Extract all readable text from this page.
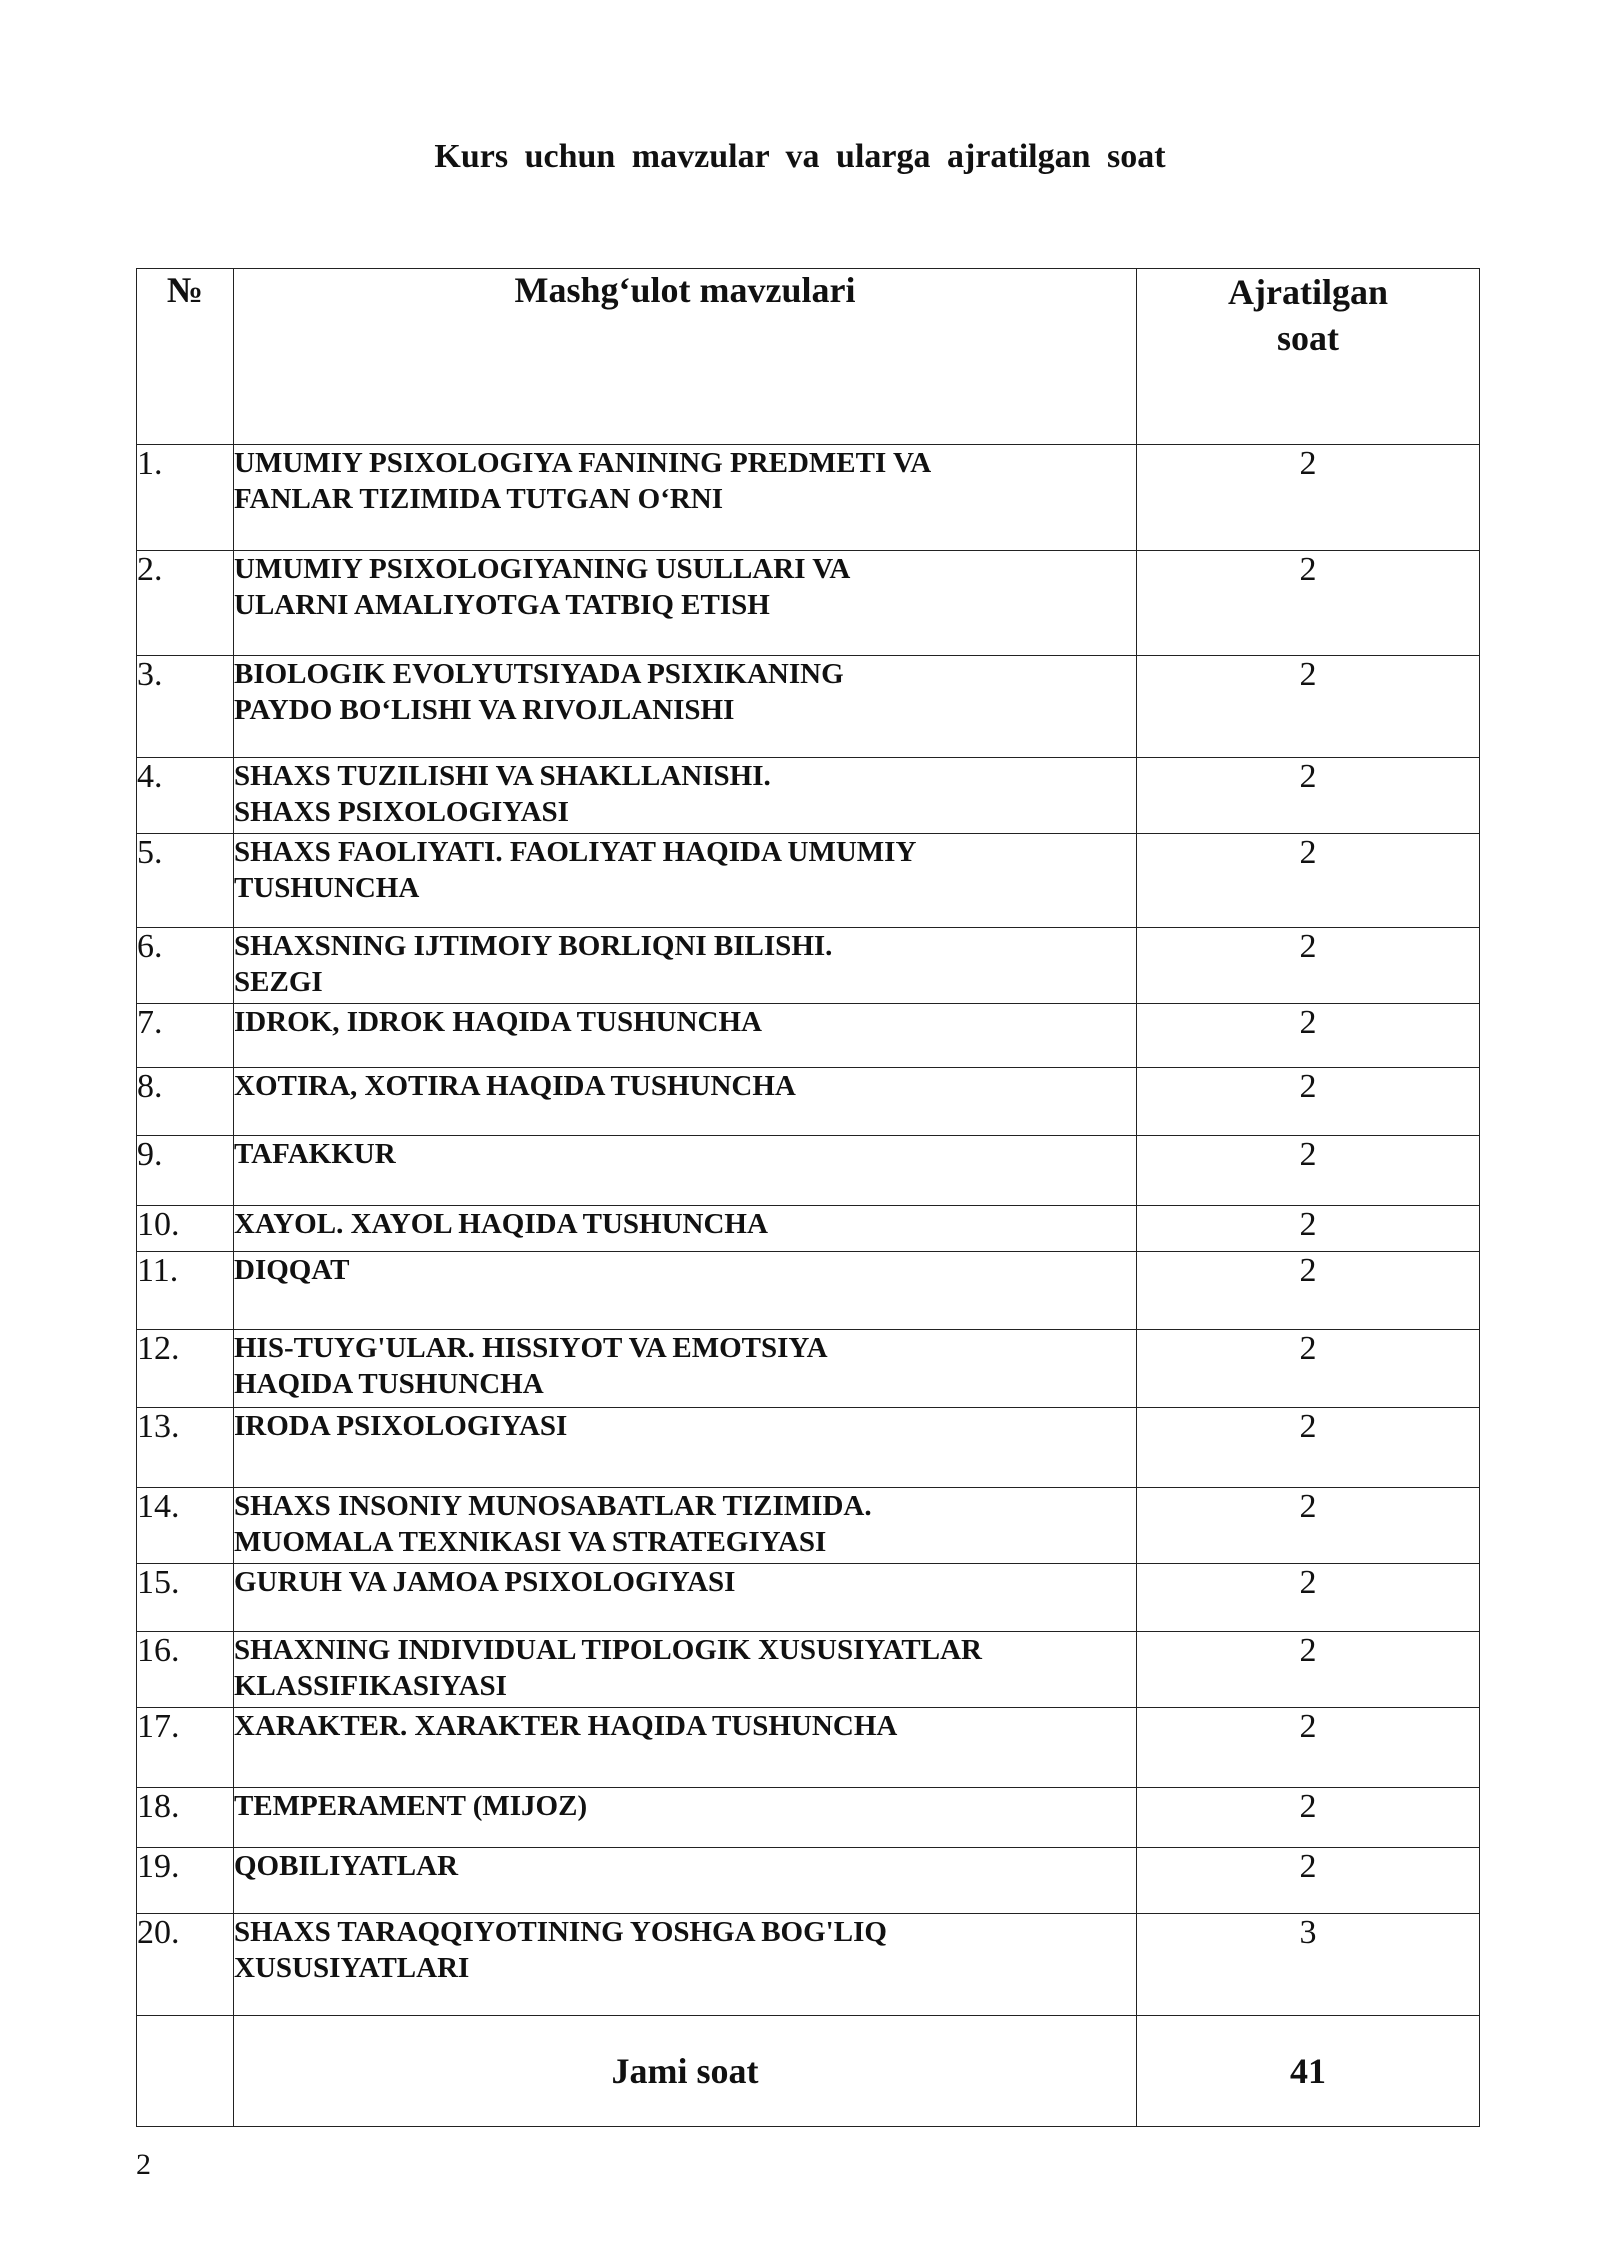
Kurs uchun mavzular va ularga ajratilgan soat
№	Mashg‘ulot mavzulari	Ajratilgan
soat

1.	UMUMIY PSIXOLOGIYA FANINING PREDMETI VA
FANLAR TIZIMIDA TUTGAN O‘RNI	2
2.	UMUMIY PSIXOLOGIYANING USULLARI VA
ULARNI AMALIYOTGA TATBIQ ETISH	2
3.	BIOLOGIK EVOLYUTSIYADA PSIXIKANING
PAYDO BO‘LISHI VA RIVOJLANISHI	2
4.	SHAXS TUZILISHI VA SHAKLLANISHI.
SHAXS PSIXOLOGIYASI	2
5.	SHAXS FAOLIYATI. FAOLIYAT HAQIDA UMUMIY
TUSHUNCHA	2
6.	SHAXSNING IJTIMOIY BORLIQNI BILISHI.
SEZGI	2
7.	IDROK, IDROK HAQIDA TUSHUNCHA	2
8.	XOTIRA, XOTIRA HAQIDA TUSHUNCHA	2
9.	TAFAKKUR	2
10.	XAYOL. XAYOL HAQIDA TUSHUNCHA	2
11.	DIQQAT	2
12.	HIS-TUYG'ULAR. HISSIYOT VA EMOTSIYA
HAQIDA TUSHUNCHA	2
13.	IRODA PSIXOLOGIYASI	2
14.	SHAXS INSONIY MUNOSABATLAR TIZIMIDA.
MUOMALA TEXNIKASI VA STRATEGIYASI	2
15.	GURUH VA JAMOA PSIXOLOGIYASI	2
16.	SHAXNING INDIVIDUAL TIPOLOGIK XUSUSIYATLAR
KLASSIFIKASIYASI	2
17.	XARAKTER. XARAKTER HAQIDA TUSHUNCHA	2
18.	TEMPERAMENT (MIJOZ)	2
19.	QOBILIYATLAR	2
20.	SHAXS TARAQQIYOTINING YOSHGA BOG'LIQ
XUSUSIYATLARI	3
	Jami soat	41
2
